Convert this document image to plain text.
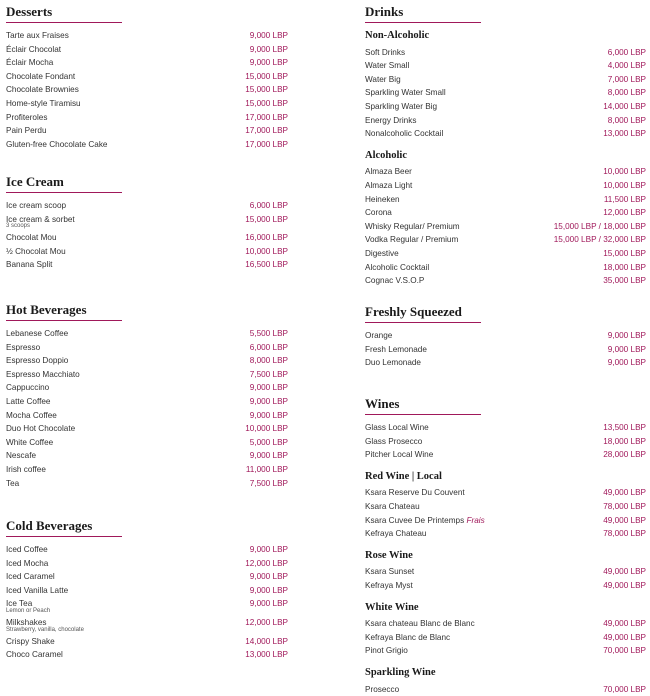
Desserts
Tarte aux Fraises	9,000 LBP
Éclair Chocolat	9,000 LBP
Éclair Mocha	9,000 LBP
Chocolate Fondant	15,000 LBP
Chocolate Brownies	15,000 LBP
Home-style Tiramisu	15,000 LBP
Profiteroles	17,000 LBP
Pain Perdu	17,000 LBP
Gluten-free Chocolate Cake	17,000 LBP
Ice Cream
Ice cream scoop	6,000 LBP
Ice cream & sorbet	15,000 LBP
3 scoops
Chocolat Mou	16,000 LBP
½ Chocolat Mou	10,000 LBP
Banana Split	16,500 LBP
Hot Beverages
Lebanese Coffee	5,500 LBP
Espresso	6,000 LBP
Espresso Doppio	8,000 LBP
Espresso Macchiato	7,500 LBP
Cappuccino	9,000 LBP
Latte Coffee	9,000 LBP
Mocha Coffee	9,000 LBP
Duo Hot Chocolate	10,000 LBP
White Coffee	5,000 LBP
Nescafe	9,000 LBP
Irish coffee	11,000 LBP
Tea	7,500 LBP
Cold Beverages
Iced Coffee	9,000 LBP
Iced Mocha	12,000 LBP
Iced Caramel	9,000 LBP
Iced Vanilla Latte	9,000 LBP
Ice Tea	9,000 LBP
Lemon or Peach
Milkshakes	12,000 LBP
Strawberry, vanilla, chocolate
Crispy Shake	14,000 LBP
Choco Caramel	13,000 LBP
Drinks
Non-Alcoholic
Soft Drinks	6,000 LBP
Water Small	4,000 LBP
Water Big	7,000 LBP
Sparkling Water Small	8,000 LBP
Sparkling Water Big	14,000 LBP
Energy Drinks	8,000 LBP
Nonalcoholic Cocktail	13,000 LBP
Alcoholic
Almaza Beer	10,000 LBP
Almaza Light	10,000 LBP
Heineken	11,500 LBP
Corona	12,000 LBP
Whisky Regular/ Premium	15,000 LBP / 18,000 LBP
Vodka Regular / Premium	15,000 LBP / 32,000 LBP
Digestive	15,000 LBP
Alcoholic Cocktail	18,000 LBP
Cognac V.S.O.P	35,000 LBP
Freshly Squeezed
Orange	9,000 LBP
Fresh Lemonade	9,000 LBP
Duo Lemonade	9,000 LBP
Wines
Glass Local Wine	13,500 LBP
Glass Prosecco	18,000 LBP
Pitcher Local Wine	28,000 LBP
Red Wine | Local
Ksara Reserve Du Couvent	49,000 LBP
Ksara Chateau	78,000 LBP
Ksara Cuvee De Printemps Frais	49,000 LBP
Kefraya Chateau	78,000 LBP
Rose Wine
Ksara Sunset	49,000 LBP
Kefraya Myst	49,000 LBP
White Wine
Ksara chateau Blanc de Blanc	49,000 LBP
Kefraya Blanc de Blanc	49,000 LBP
Pinot Grigio	70,000 LBP
Sparkling Wine
Prosecco	70,000 LBP
